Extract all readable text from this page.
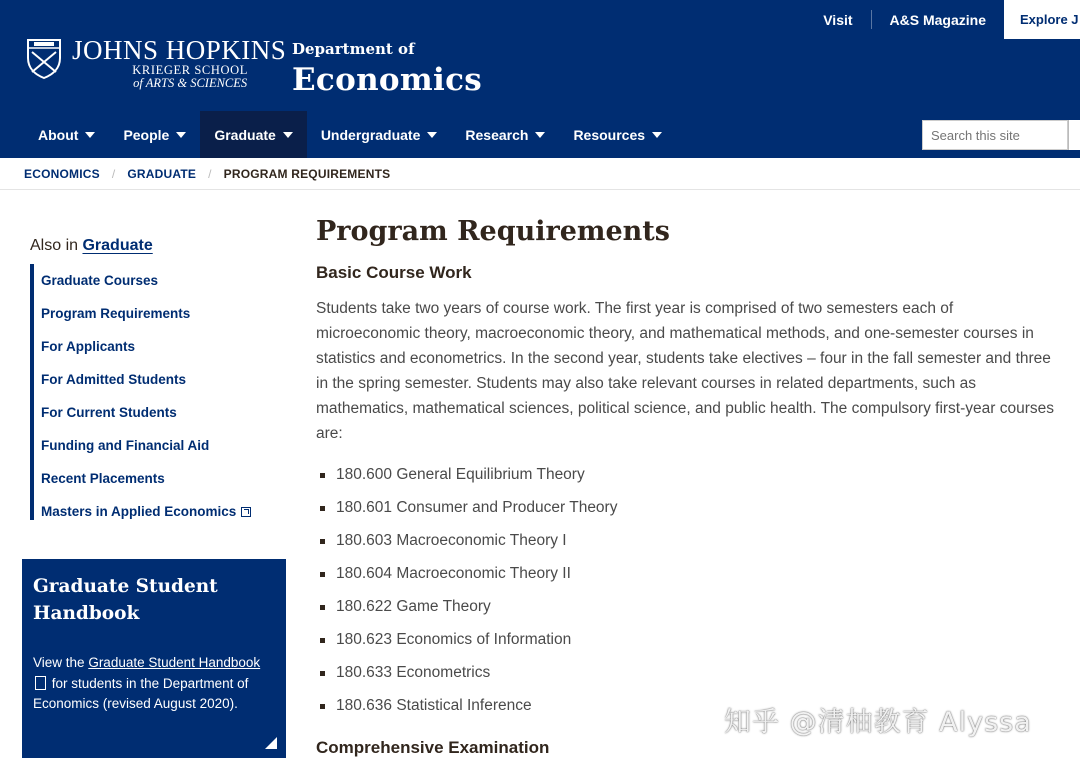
Visit	A&S Magazine	Explore J
JOHNS HOPKINS
KRIEGER SCHOOL
of ARTS & SCIENCES
Department of
Economics
About	People	Graduate	Undergraduate	Research	Resources
Search this site
ECONOMICS / GRADUATE / PROGRAM REQUIREMENTS
Also in Graduate
Graduate Courses
Program Requirements
For Applicants
For Admitted Students
For Current Students
Funding and Financial Aid
Recent Placements
Masters in Applied Economics
Graduate Student Handbook
View the Graduate Student Handbook for students in the Department of Economics (revised August 2020).
Program Requirements
Basic Course Work

Students take two years of course work. The first year is comprised of two semesters each of microeconomic theory, macroeconomic theory, and mathematical methods, and one-semester courses in statistics and econometrics. In the second year, students take electives – four in the fall semester and three in the spring semester. Students may also take relevant courses in related departments, such as mathematics, mathematical sciences, political science, and public health. The compulsory first-year courses are:

180.600 General Equilibrium Theory
180.601 Consumer and Producer Theory
180.603 Macroeconomic Theory I
180.604 Macroeconomic Theory II
180.622 Game Theory
180.623 Economics of Information
180.633 Econometrics
180.636 Statistical Inference
Comprehensive Examination
知乎 @清柚教育 Alyssa
